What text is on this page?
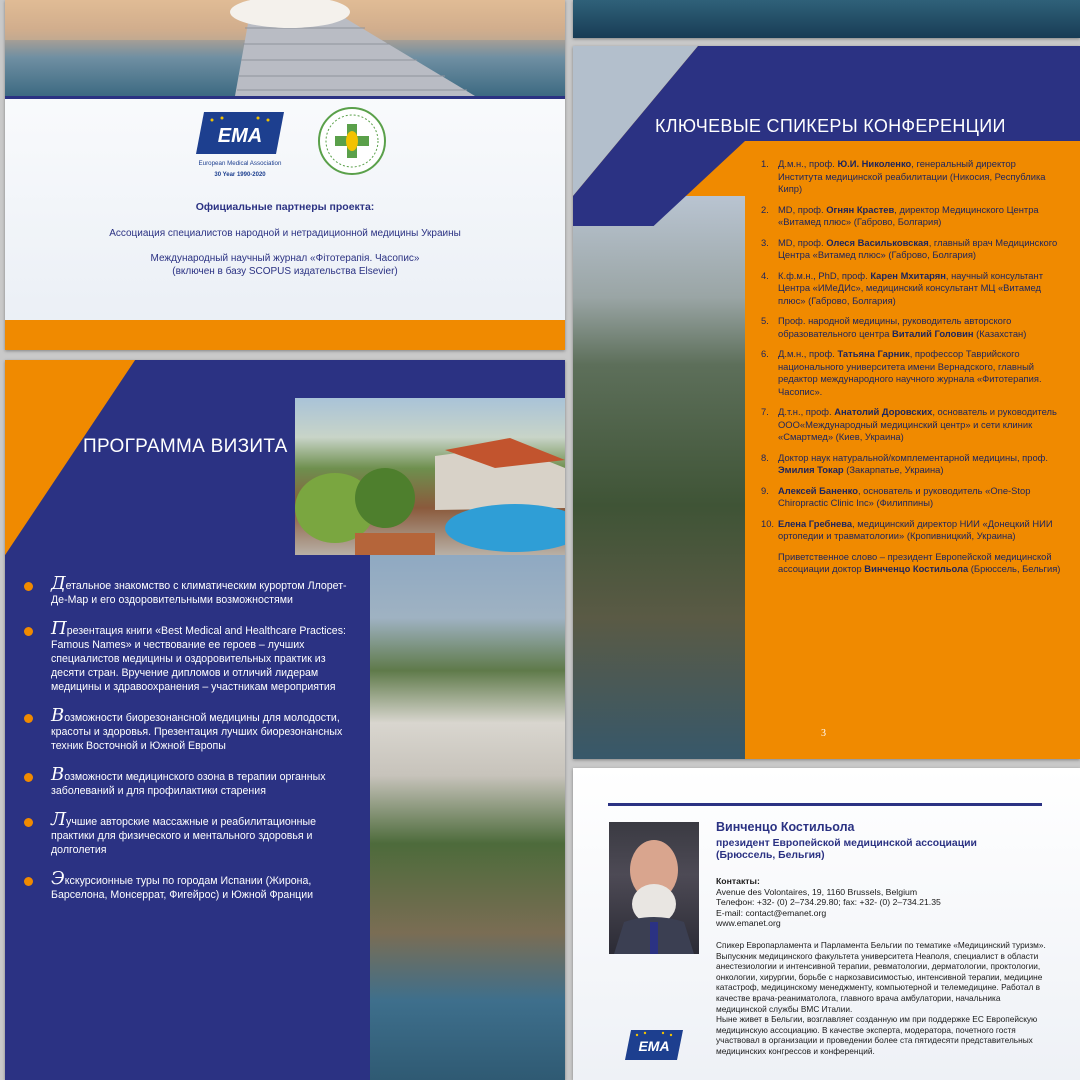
EMA
European Medical Association
30 Year 1990-2020
Официальные партнеры проекта:
Ассоциация специалистов народной и нетрадиционной медицины Украины
Международный научный журнал «Фітотерапія. Часопис»
(включен в базу SCOPUS издательства Elsevier)
ПРОГРАММА ВИЗИТА
Детальное знакомство с климатическим курортом Ллорет-Де-Мар и его оздоровительными возможностями
Презентация книги «Best Medical and Healthcare Practices: Famous Names» и чествование ее героев – лучших специалистов медицины и оздоровительных практик из десяти стран. Вручение дипломов и отличий лидерам медицины и здравоохранения – участникам мероприятия
Возможности биорезонансной медицины для молодости, красоты и здоровья. Презентация лучших биорезонансных техник Восточной и Южной Европы
Возможности медицинского озона в терапии органных заболеваний и для профилактики старения
Лучшие авторские массажные и реабилитационные практики для физического и ментального здоровья и долголетия
Экскурсионные туры по городам Испании (Жирона, Барселона, Монсеррат, Фигейрос) и Южной Франции
КЛЮЧЕВЫЕ СПИКЕРЫ КОНФЕРЕНЦИИ
1. Д.м.н., проф. Ю.И. Николенко, генеральный директор Института медицинской реабилитации (Никосия, Республика Кипр)
2. MD, проф. Огнян Крастев, директор Медицинского Центра «Витамед плюс» (Габрово, Болгария)
3. MD, проф. Олеся Васильковская, главный врач Медицинского Центра «Витамед плюс» (Габрово, Болгария)
4. К.ф.м.н., PhD, проф. Карен Мхитарян, научный консультант Центра «ИМеДИс», медицинский консультант МЦ «Витамед плюс» (Габрово, Болгария)
5. Проф. народной медицины, руководитель авторского образовательного центра Виталий Головин (Казахстан)
6. Д.м.н., проф. Татьяна Гарник, профессор Таврийского национального университета имени Вернадского, главный редактор международного научного журнала «Фитотерапия. Часопис».
7. Д.т.н., проф. Анатолий Доровских, основатель и руководитель ООО«Международный медицинский центр» и сети клиник «Смартмед» (Киев, Украина)
8. Доктор наук натуральной/комплементарной медицины, проф. Эмилия Токар (Закарпатье, Украина)
9. Алексей Баненко, основатель и руководитель «One-Stop Chiropractic Clinic Inc» (Филиппины)
10. Елена Гребнева, медицинский директор НИИ «Донецкий НИИ ортопедии и травматологии» (Кропивницкий, Украина)
Приветственное слово – президент Европейской медицинской ассоциации доктор Винченцо Костильола (Брюссель, Бельгия)
3
Винченцо Костильола
президент Европейской медицинской ассоциации (Брюссель, Бельгия)
Контакты:
Avenue des Volontaires, 19, 1160 Brussels, Belgium
Телефон: +32- (0) 2–734.29.80; fax: +32- (0) 2–734.21.35
E-mail: contact@emanet.org
www.emanet.org

Спикер Европарламента и Парламента Бельгии по тематике «Медицинский туризм». Выпускник медицинского факультета университета Неаполя, специалист в области анестезиологии и интенсивной терапии, ревматологии, дерматологии, проктологии, онкологии, хирургии, борьбе с наркозависимостью, интенсивной терапии, медицине катастроф, медицинскому менеджменту, компьютерной и телемедицине. Работал в качестве врача-реаниматолога, главного врача амбулатории, начальника медицинской службы ВМС Италии.

Ныне живет в Бельгии, возглавляет созданную им при поддержке ЕС Европейскую медицинскую ассоциацию. В качестве эксперта, модератора, почетного гостя участвовал в организации и проведении более ста пятидесяти представительных медицинских конгрессов и конференций.

EMA
